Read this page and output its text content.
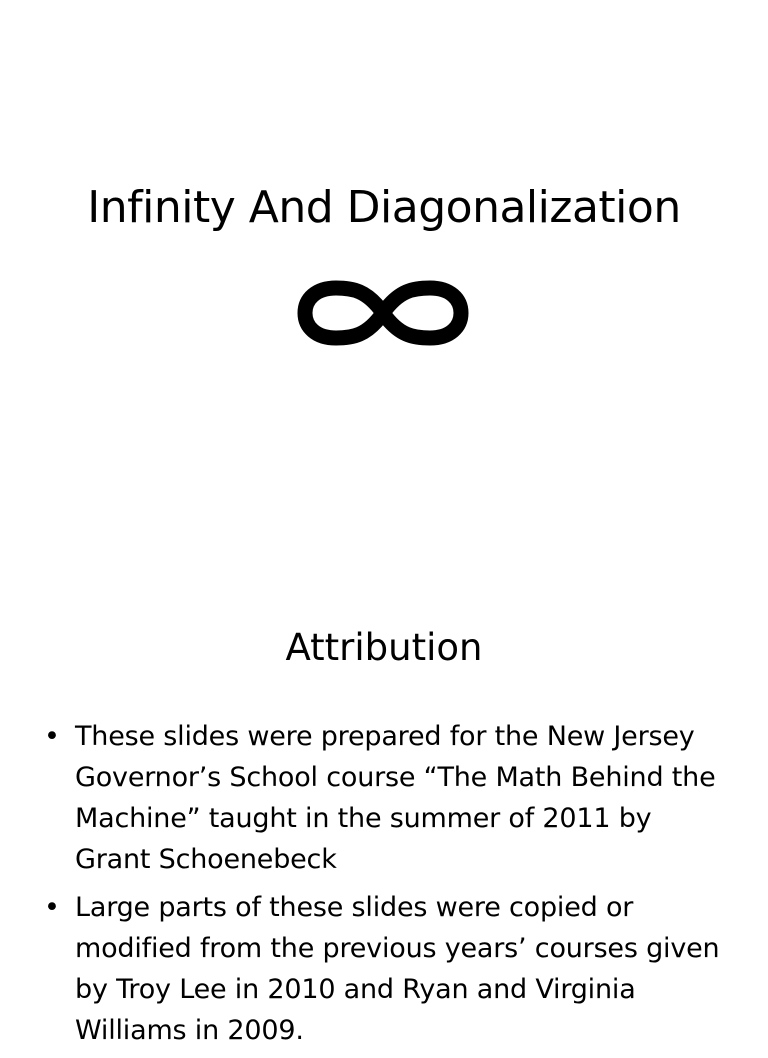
Infinity And Diagonalization
Attribution
• These slides were prepared for the New Jersey Governor’s School course “The Math Behind the Machine” taught in the summer of 2011 by Grant Schoenebeck
• Large parts of these slides were copied or modified from the previous years’ courses given by Troy Lee in 2010 and Ryan and Virginia Williams in 2009.
